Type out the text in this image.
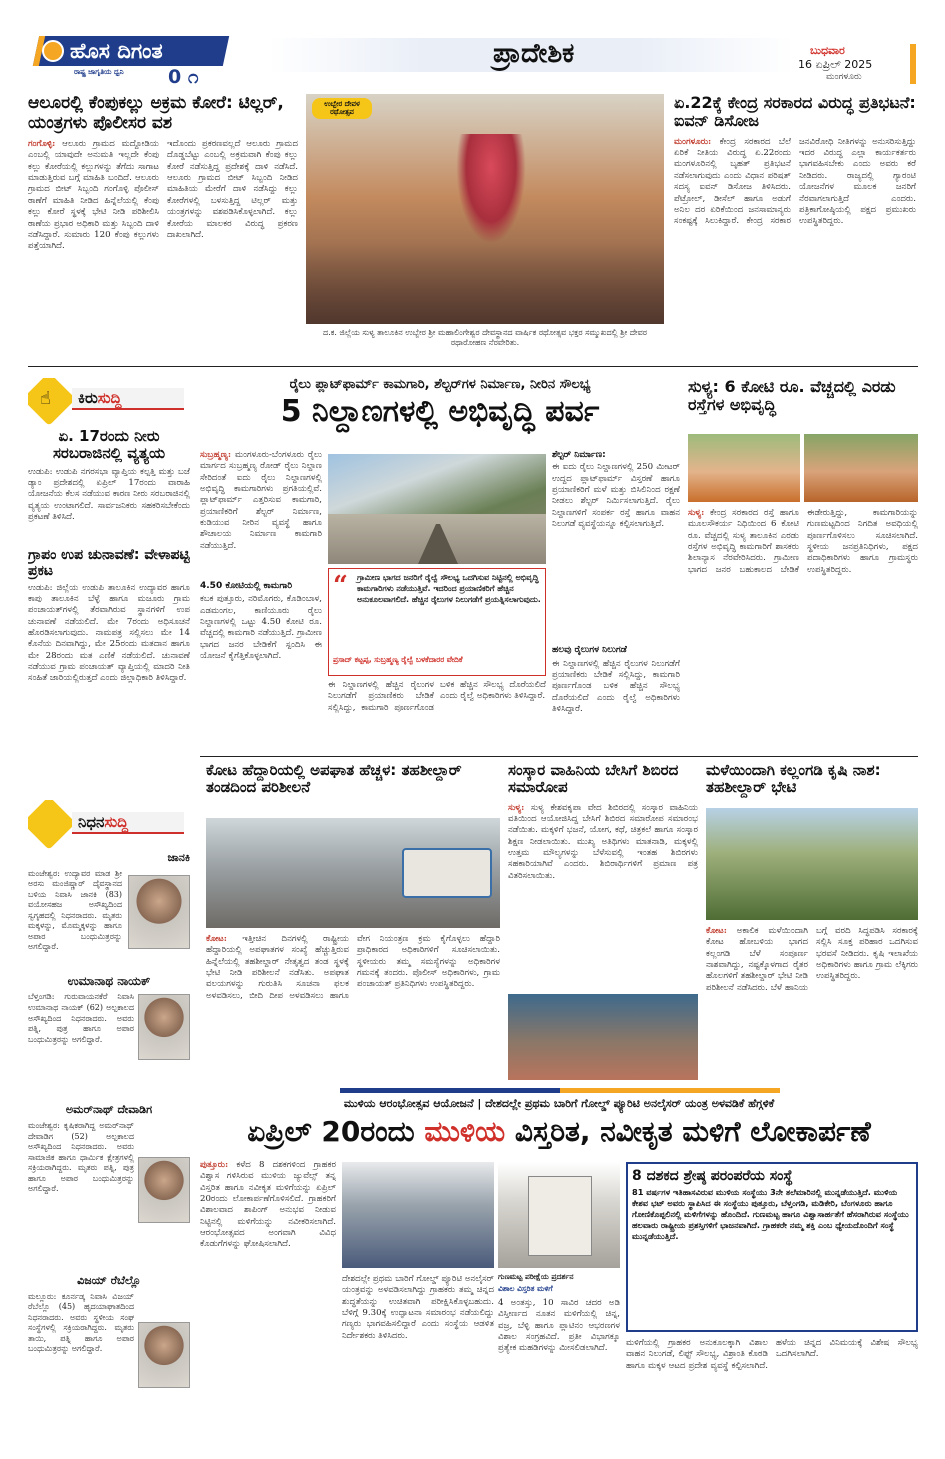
ಹೊಸ ದಿಗಂತ
ರಾಷ್ಟ್ರ ಜಾಗೃತಿಯ ಧ್ವನಿ 0 ೧
ಪ್ರಾದೇಶಿಕ	ಬುಧವಾರ
16 ಏಪ್ರಿಲ್ 2025
ಮಂಗಳೂರು
ಆಲೂರಲ್ಲಿ ಕೆಂಪುಕಲ್ಲು ಅಕ್ರಮ ಕೋರೆ: ಟಿಲ್ಲರ್, ಯಂತ್ರಗಳು ಪೊಲೀಸರ ವಶ

ಗಂಗೊಳ್ಳಿ: ಆಲೂರು ಗ್ರಾಮದ ಮದ್ದೋಡಿಯ ಎಂಬಲ್ಲಿ ಯಾವುದೇ ಅನುಮತಿ ಇಲ್ಲದೇ ಕೆಂಪು ಕಲ್ಲು ಕೋರೆಯಲ್ಲಿ ಕಲ್ಲುಗಳನ್ನು ತೆಗೆದು ಸಾಗಾಟ ಮಾಡುತ್ತಿರುವ ಬಗ್ಗೆ ಮಾಹಿತಿ ಬಂದಿದೆ. ಆಲೂರು ಗ್ರಾಮದ ಬೀಟ್ ಸಿಬ್ಬಂದಿ ಗಂಗೊಳ್ಳಿ ಪೊಲೀಸ್ ಠಾಣೆಗೆ ಮಾಹಿತಿ ನೀಡಿದ ಹಿನ್ನೆಲೆಯಲ್ಲಿ ಕೆಂಪು ಕಲ್ಲು ಕೋರೆ ಸ್ಥಳಕ್ಕೆ ಭೇಟಿ ನೀಡಿ ಪರಿಶೀಲಿಸಿ ಠಾಣೆಯ ಪ್ರಭಾರ ಅಧಿಕಾರಿ ಮತ್ತು ಸಿಬ್ಬಂದಿ ದಾಳಿ ನಡೆಸಿದ್ದಾರೆ. ಸುಮಾರು 120 ಕೆಂಪು ಕಲ್ಲುಗಳು ಪತ್ತೆಯಾಗಿದೆ.

ಇದೊಂದು ಪ್ರಕರಣವಲ್ಲದೆ ಆಲೂರು ಗ್ರಾಮದ ದೊಡ್ಡಬೆಟ್ಟು ಎಂಬಲ್ಲಿ ಅಕ್ರಮವಾಗಿ ಕೆಂಪು ಕಲ್ಲು ಕೋರೆ ನಡೆಸುತ್ತಿದ್ದ ಪ್ರದೇಶಕ್ಕೆ ದಾಳಿ ನಡೆಸಿದೆ. ಆಲೂರು ಗ್ರಾಮದ ಬೀಟ್ ಸಿಬ್ಬಂದಿ ನೀಡಿದ ಮಾಹಿತಿಯ ಮೇರೆಗೆ ದಾಳಿ ನಡೆಸಿದ್ದು ಕಲ್ಲು ಕೋರೆಗಳಲ್ಲಿ ಬಳಸುತ್ತಿದ್ದ ಟಿಲ್ಲರ್ ಮತ್ತು ಯಂತ್ರಗಳನ್ನು ವಶಪಡಿಸಿಕೊಳ್ಳಲಾಗಿದೆ. ಕಲ್ಲು ಕೋರೆಯ ಮಾಲಕರ ವಿರುದ್ಧ ಪ್ರಕರಣ ದಾಖಲಾಗಿದೆ.

ಉಬ್ಬೇರ ದೇವಳ ರಥೋತ್ಸವ

ದ.ಕ. ಜಿಲ್ಲೆಯ ಸುಳ್ಯ ತಾಲೂಕಿನ ಉಬ್ಬೇರ ಶ್ರೀ ಮಹಾಲಿಂಗೇಶ್ವರ ದೇವಸ್ಥಾನದ ವಾರ್ಷಿಕ ರಥೋತ್ಸವ ಭಕ್ತರ ಸಮ್ಮುಖದಲ್ಲಿ ಶ್ರೀ ದೇವರ ರಥಾರೋಹಣ ನೆರವೇರಿತು.

ಏ.22ಕ್ಕೆ ಕೇಂದ್ರ ಸರಕಾರದ ವಿರುದ್ಧ ಪ್ರತಿಭಟನೆ: ಐವನ್ ಡಿಸೋಜ

ಮಂಗಳೂರು: ಕೇಂದ್ರ ಸರಕಾರದ ಬೆಲೆ ಏರಿಕೆ ನೀತಿಯ ವಿರುದ್ಧ ಏ.22ರಂದು ಮಂಗಳೂರಿನಲ್ಲಿ ಬೃಹತ್ ಪ್ರತಿಭಟನೆ ನಡೆಸಲಾಗುವುದು ಎಂದು ವಿಧಾನ ಪರಿಷತ್ ಸದಸ್ಯ ಐವನ್ ಡಿಸೋಜ ತಿಳಿಸಿದರು. ಪೆಟ್ರೋಲ್, ಡೀಸೆಲ್ ಹಾಗೂ ಅಡುಗೆ ಅನಿಲ ದರ ಏರಿಕೆಯಿಂದ ಜನಸಾಮಾನ್ಯರು ಸಂಕಷ್ಟಕ್ಕೆ ಸಿಲುಕಿದ್ದಾರೆ. ಕೇಂದ್ರ ಸರಕಾರ ಜನವಿರೋಧಿ ನೀತಿಗಳನ್ನು ಅನುಸರಿಸುತ್ತಿದ್ದು ಇದರ ವಿರುದ್ಧ ಎಲ್ಲಾ ಕಾರ್ಯಕರ್ತರು ಭಾಗವಹಿಸಬೇಕು ಎಂದು ಅವರು ಕರೆ ನೀಡಿದರು. ರಾಜ್ಯದಲ್ಲಿ ಗ್ಯಾರಂಟಿ ಯೋಜನೆಗಳ ಮೂಲಕ ಜನರಿಗೆ ನೆರವಾಗಲಾಗುತ್ತಿದೆ ಎಂದರು. ಪತ್ರಿಕಾಗೋಷ್ಠಿಯಲ್ಲಿ ಪಕ್ಷದ ಪ್ರಮುಖರು ಉಪಸ್ಥಿತರಿದ್ದರು.

☝	ಕಿರುಸುದ್ದಿ
ಏ. 17ರಂದು ನೀರು ಸರಬರಾಜಿನಲ್ಲಿ ವ್ಯತ್ಯಯ

ಉಡುಪಿ: ಉಡುಪಿ ನಗರಸಭಾ ವ್ಯಾಪ್ತಿಯ ಕಲ್ಪತ್ತಿ ಮತ್ತು ಬಜೆ ಡ್ಯಾಂ ಪ್ರದೇಶದಲ್ಲಿ ಏಪ್ರಿಲ್ 17ರಂದು ವಾರಾಹಿ ಯೋಜನೆಯ ಕೆಲಸ ನಡೆಯುವ ಕಾರಣ ನೀರು ಸರಬರಾಜಿನಲ್ಲಿ ವ್ಯತ್ಯಯ ಉಂಟಾಗಲಿದೆ. ಸಾರ್ವಜನಿಕರು ಸಹಕರಿಸಬೇಕೆಂದು ಪ್ರಕಟಣೆ ತಿಳಿಸಿದೆ.

ಗ್ರಾಪಂ ಉಪ ಚುನಾವಣೆ: ವೇಳಾಪಟ್ಟಿ ಪ್ರಕಟ

ಉಡುಪಿ: ಜಿಲ್ಲೆಯ ಉಡುಪಿ ತಾಲೂಕಿನ ಉದ್ಯಾವರ ಹಾಗೂ ಕಾಪು ತಾಲೂಕಿನ ಬೆಳ್ಳೆ ಹಾಗೂ ಮಜೂರು ಗ್ರಾಮ ಪಂಚಾಯತ್‌ಗಳಲ್ಲಿ ತೆರವಾಗಿರುವ ಸ್ಥಾನಗಳಿಗೆ ಉಪ ಚುನಾವಣೆ ನಡೆಯಲಿದೆ. ಮೇ 7ರಂದು ಅಧಿಸೂಚನೆ ಹೊರಡಿಸಲಾಗುವುದು. ನಾಮಪತ್ರ ಸಲ್ಲಿಸಲು ಮೇ 14 ಕೊನೆಯ ದಿನವಾಗಿದ್ದು, ಮೇ 25ರಂದು ಮತದಾನ ಹಾಗೂ ಮೇ 28ರಂದು ಮತ ಎಣಿಕೆ ನಡೆಯಲಿದೆ. ಚುನಾವಣೆ ನಡೆಯುವ ಗ್ರಾಮ ಪಂಚಾಯತ್ ವ್ಯಾಪ್ತಿಯಲ್ಲಿ ಮಾದರಿ ನೀತಿ ಸಂಹಿತೆ ಜಾರಿಯಲ್ಲಿರುತ್ತದೆ ಎಂದು ಜಿಲ್ಲಾಧಿಕಾರಿ ತಿಳಿಸಿದ್ದಾರೆ.

ರೈಲು ಪ್ಲಾಟ್‌ಫಾರ್ಮ್ ಕಾಮಗಾರಿ, ಶೆಲ್ಟರ್‌ಗಳ ನಿರ್ಮಾಣ, ನೀರಿನ ಸೌಲಭ್ಯ
5 ನಿಲ್ದಾಣಗಳಲ್ಲಿ ಅಭಿವೃದ್ಧಿ ಪರ್ವ

ಸುಬ್ರಹ್ಮಣ್ಯ: ಮಂಗಳೂರು-ಬೆಂಗಳೂರು ರೈಲು ಮಾರ್ಗದ ಸುಬ್ರಹ್ಮಣ್ಯ ರೋಡ್ ರೈಲು ನಿಲ್ದಾಣ ಸೇರಿದಂತೆ ಐದು ರೈಲು ನಿಲ್ದಾಣಗಳಲ್ಲಿ ಅಭಿವೃದ್ಧಿ ಕಾಮಗಾರಿಗಳು ಪ್ರಗತಿಯಲ್ಲಿವೆ. ಪ್ಲಾಟ್‌ಫಾರ್ಮ್ ಎತ್ತರಿಸುವ ಕಾಮಗಾರಿ, ಪ್ರಯಾಣಿಕರಿಗೆ ಶೆಲ್ಟರ್ ನಿರ್ಮಾಣ, ಕುಡಿಯುವ ನೀರಿನ ವ್ಯವಸ್ಥೆ ಹಾಗೂ ಶೌಚಾಲಯ ನಿರ್ಮಾಣ ಕಾಮಗಾರಿ ನಡೆಯುತ್ತಿದೆ.

4.50 ಕೋಟಿಯಲ್ಲಿ ಕಾಮಗಾರಿ

ಕಬಕ ಪುತ್ತೂರು, ನರಿಮೊಗರು, ಕೊಡಿಂಬಾಳ, ಎಡಮಂಗಲ, ಕಾಣಿಯೂರು ರೈಲು ನಿಲ್ದಾಣಗಳಲ್ಲಿ ಒಟ್ಟು 4.50 ಕೋಟಿ ರೂ. ವೆಚ್ಚದಲ್ಲಿ ಕಾಮಗಾರಿ ನಡೆಯುತ್ತಿದೆ. ಗ್ರಾಮೀಣ ಭಾಗದ ಜನರ ಬೇಡಿಕೆಗೆ ಸ್ಪಂದಿಸಿ ಈ ಯೋಜನೆ ಕೈಗೆತ್ತಿಕೊಳ್ಳಲಾಗಿದೆ.

“	ಗ್ರಾಮೀಣ ಭಾಗದ ಜನರಿಗೆ ರೈಲ್ವೆ ಸೌಲಭ್ಯ ಒದಗಿಸುವ ನಿಟ್ಟಿನಲ್ಲಿ ಅಭಿವೃದ್ಧಿ ಕಾಮಗಾರಿಗಳು ನಡೆಯುತ್ತಿವೆ. ಇದರಿಂದ ಪ್ರಯಾಣಿಕರಿಗೆ ಹೆಚ್ಚಿನ ಅನುಕೂಲವಾಗಲಿದೆ. ಹೆಚ್ಚಿನ ರೈಲುಗಳ ನಿಲುಗಡೆಗೆ ಪ್ರಯತ್ನಿಸಲಾಗುವುದು.

ಪ್ರಸಾದ್ ಕಟ್ಟಪ್ಪ, ಸುಬ್ರಹ್ಮಣ್ಯ ರೈಲ್ವೆ ಬಳಕೆದಾರರ ವೇದಿಕೆ

ಈ ನಿಲ್ದಾಣಗಳಲ್ಲಿ ಹೆಚ್ಚಿನ ರೈಲುಗಳ ನಿಲುಗಡೆಗೆ ಪ್ರಯಾಣಿಕರು ಬೇಡಿಕೆ ಸಲ್ಲಿಸಿದ್ದು, ಕಾಮಗಾರಿ ಪೂರ್ಣಗೊಂಡ ಬಳಿಕ ಹೆಚ್ಚಿನ ಸೌಲಭ್ಯ ದೊರೆಯಲಿದೆ ಎಂದು ರೈಲ್ವೆ ಅಧಿಕಾರಿಗಳು ತಿಳಿಸಿದ್ದಾರೆ.

ಶೆಲ್ಟರ್ ನಿರ್ಮಾಣ:

ಈ ಐದು ರೈಲು ನಿಲ್ದಾಣಗಳಲ್ಲಿ 250 ಮೀಟರ್ ಉದ್ದದ ಪ್ಲಾಟ್‌ಫಾರ್ಮ್ ವಿಸ್ತರಣೆ ಹಾಗೂ ಪ್ರಯಾಣಿಕರಿಗೆ ಮಳೆ ಮತ್ತು ಬಿಸಿಲಿನಿಂದ ರಕ್ಷಣೆ ನೀಡಲು ಶೆಲ್ಟರ್ ನಿರ್ಮಿಸಲಾಗುತ್ತಿದೆ. ರೈಲು ನಿಲ್ದಾಣಗಳಿಗೆ ಸಂಪರ್ಕ ರಸ್ತೆ ಹಾಗೂ ವಾಹನ ನಿಲುಗಡೆ ವ್ಯವಸ್ಥೆಯನ್ನೂ ಕಲ್ಪಿಸಲಾಗುತ್ತಿದೆ.

ಹಲವು ರೈಲುಗಳ ನಿಲುಗಡೆ

ಈ ನಿಲ್ದಾಣಗಳಲ್ಲಿ ಹೆಚ್ಚಿನ ರೈಲುಗಳ ನಿಲುಗಡೆಗೆ ಪ್ರಯಾಣಿಕರು ಬೇಡಿಕೆ ಸಲ್ಲಿಸಿದ್ದು, ಕಾಮಗಾರಿ ಪೂರ್ಣಗೊಂಡ ಬಳಿಕ ಹೆಚ್ಚಿನ ಸೌಲಭ್ಯ ದೊರೆಯಲಿದೆ ಎಂದು ರೈಲ್ವೆ ಅಧಿಕಾರಿಗಳು ತಿಳಿಸಿದ್ದಾರೆ.

ಸುಳ್ಯ: 6 ಕೋಟಿ ರೂ. ವೆಚ್ಚದಲ್ಲಿ ಎರಡು ರಸ್ತೆಗಳ ಅಭಿವೃದ್ಧಿ

ಸುಳ್ಯ: ಕೇಂದ್ರ ಸರಕಾರದ ರಸ್ತೆ ಹಾಗೂ ಮೂಲಸೌಕರ್ಯ ನಿಧಿಯಿಂದ 6 ಕೋಟಿ ರೂ. ವೆಚ್ಚದಲ್ಲಿ ಸುಳ್ಯ ತಾಲೂಕಿನ ಎರಡು ರಸ್ತೆಗಳ ಅಭಿವೃದ್ಧಿ ಕಾಮಗಾರಿಗೆ ಶಾಸಕರು ಶಿಲಾನ್ಯಾಸ ನೆರವೇರಿಸಿದರು. ಗ್ರಾಮೀಣ ಭಾಗದ ಜನರ ಬಹುಕಾಲದ ಬೇಡಿಕೆ ಈಡೇರುತ್ತಿದ್ದು, ಕಾಮಗಾರಿಯನ್ನು ಗುಣಮಟ್ಟದಿಂದ ನಿಗದಿತ ಅವಧಿಯಲ್ಲಿ ಪೂರ್ಣಗೊಳಿಸಲು ಸೂಚಿಸಲಾಗಿದೆ. ಸ್ಥಳೀಯ ಜನಪ್ರತಿನಿಧಿಗಳು, ಪಕ್ಷದ ಪದಾಧಿಕಾರಿಗಳು ಹಾಗೂ ಗ್ರಾಮಸ್ಥರು ಉಪಸ್ಥಿತರಿದ್ದರು.

ನಿಧನಸುದ್ದಿ
ಜಾನಕಿ

ಮಂಜೇಶ್ವರ: ಉದ್ಯಾವರ ಮಾಡ ಶ್ರೀ ಅರಸು ಮಂಜಿಷ್ಣಾರ್ ದೈವಸ್ಥಾನದ ಬಳಿಯ ನಿವಾಸಿ ಜಾನಕಿ (83) ವಯೋಸಹಜ ಅಸೌಖ್ಯದಿಂದ ಸ್ವಗೃಹದಲ್ಲಿ ನಿಧನರಾದರು. ಮೃತರು ಮಕ್ಕಳನ್ನು, ಮೊಮ್ಮಕ್ಕಳನ್ನು ಹಾಗೂ ಅಪಾರ ಬಂಧುಮಿತ್ರರನ್ನು ಅಗಲಿದ್ದಾರೆ.

ಉಮಾನಾಥ ನಾಯಕ್

ಬೆಳ್ತಂಗಡಿ: ಗುರುವಾಯನಕೆರೆ ನಿವಾಸಿ ಉಮಾನಾಥ ನಾಯಕ್ (62) ಅಲ್ಪಕಾಲದ ಅಸೌಖ್ಯದಿಂದ ನಿಧನರಾದರು. ಅವರು ಪತ್ನಿ, ಪುತ್ರ ಹಾಗೂ ಅಪಾರ ಬಂಧುಮಿತ್ರರನ್ನು ಅಗಲಿದ್ದಾರೆ.

ಅಮರ್‌ನಾಥ್ ದೇವಾಡಿಗ

ಮಂಜೇಶ್ವರ: ಕೃಷಿಕರಾಗಿದ್ದ ಅಮರ್‌ನಾಥ್ ದೇವಾಡಿಗ (52) ಅಲ್ಪಕಾಲದ ಅಸೌಖ್ಯದಿಂದ ನಿಧನರಾದರು. ಅವರು ಸಾಮಾಜಿಕ ಹಾಗೂ ಧಾರ್ಮಿಕ ಕ್ಷೇತ್ರಗಳಲ್ಲಿ ಸಕ್ರಿಯರಾಗಿದ್ದರು. ಮೃತರು ಪತ್ನಿ, ಪುತ್ರ ಹಾಗೂ ಅಪಾರ ಬಂಧುಮಿತ್ರರನ್ನು ಅಗಲಿದ್ದಾರೆ.

ವಿಜಯ್ ರೆಬೆಲ್ಲೊ

ಮಲ್ಲೂರು: ಕೂರ್ನಡ್ಕ ನಿವಾಸಿ ವಿಜಯ್ ರೆಬೆಲ್ಲೊ (45) ಹೃದಯಾಘಾತದಿಂದ ನಿಧನರಾದರು. ಅವರು ಸ್ಥಳೀಯ ಸಂಘ ಸಂಸ್ಥೆಗಳಲ್ಲಿ ಸಕ್ರಿಯರಾಗಿದ್ದರು. ಮೃತರು ತಾಯಿ, ಪತ್ನಿ ಹಾಗೂ ಅಪಾರ ಬಂಧುಮಿತ್ರರನ್ನು ಅಗಲಿದ್ದಾರೆ.

ಕೋಟ ಹೆದ್ದಾರಿಯಲ್ಲಿ ಅಪಘಾತ ಹೆಚ್ಚಳ: ತಹಶೀಲ್ದಾರ್ ತಂಡದಿಂದ ಪರಿಶೀಲನೆ

ಕೋಟ: ಇತ್ತೀಚಿನ ದಿನಗಳಲ್ಲಿ ರಾಷ್ಟ್ರೀಯ ಹೆದ್ದಾರಿಯಲ್ಲಿ ಅಪಘಾತಗಳ ಸಂಖ್ಯೆ ಹೆಚ್ಚುತ್ತಿರುವ ಹಿನ್ನೆಲೆಯಲ್ಲಿ ತಹಶೀಲ್ದಾರ್ ನೇತೃತ್ವದ ತಂಡ ಸ್ಥಳಕ್ಕೆ ಭೇಟಿ ನೀಡಿ ಪರಿಶೀಲನೆ ನಡೆಸಿತು. ಅಪಘಾತ ವಲಯಗಳನ್ನು ಗುರುತಿಸಿ ಸೂಚನಾ ಫಲಕ ಅಳವಡಿಸಲು, ಬೀದಿ ದೀಪ ಅಳವಡಿಸಲು ಹಾಗೂ ವೇಗ ನಿಯಂತ್ರಣ ಕ್ರಮ ಕೈಗೊಳ್ಳಲು ಹೆದ್ದಾರಿ ಪ್ರಾಧಿಕಾರದ ಅಧಿಕಾರಿಗಳಿಗೆ ಸೂಚಿಸಲಾಯಿತು. ಸ್ಥಳೀಯರು ತಮ್ಮ ಸಮಸ್ಯೆಗಳನ್ನು ಅಧಿಕಾರಿಗಳ ಗಮನಕ್ಕೆ ತಂದರು. ಪೊಲೀಸ್ ಅಧಿಕಾರಿಗಳು, ಗ್ರಾಮ ಪಂಚಾಯತ್ ಪ್ರತಿನಿಧಿಗಳು ಉಪಸ್ಥಿತರಿದ್ದರು.

ಸಂಸ್ಕಾರ ವಾಹಿನಿಯ ಬೇಸಿಗೆ ಶಿಬಿರದ ಸಮಾರೋಪ

ಸುಳ್ಯ: ಸುಳ್ಯ ಕೇಶವಕೃಪಾ ವೇದ ಶಿಬಿರದಲ್ಲಿ ಸಂಸ್ಕಾರ ವಾಹಿನಿಯ ವತಿಯಿಂದ ಆಯೋಜಿಸಿದ್ದ ಬೇಸಿಗೆ ಶಿಬಿರದ ಸಮಾರೋಪ ಸಮಾರಂಭ ನಡೆಯಿತು. ಮಕ್ಕಳಿಗೆ ಭಜನೆ, ಯೋಗ, ಕಥೆ, ಚಿತ್ರಕಲೆ ಹಾಗೂ ಸಂಸ್ಕಾರ ಶಿಕ್ಷಣ ನೀಡಲಾಯಿತು. ಮುಖ್ಯ ಅತಿಥಿಗಳು ಮಾತನಾಡಿ, ಮಕ್ಕಳಲ್ಲಿ ಉತ್ತಮ ಮೌಲ್ಯಗಳನ್ನು ಬೆಳೆಸುವಲ್ಲಿ ಇಂತಹ ಶಿಬಿರಗಳು ಸಹಕಾರಿಯಾಗಿವೆ ಎಂದರು. ಶಿಬಿರಾರ್ಥಿಗಳಿಗೆ ಪ್ರಮಾಣ ಪತ್ರ ವಿತರಿಸಲಾಯಿತು.

ಮಳೆಯಿಂದಾಗಿ ಕಲ್ಲಂಗಡಿ ಕೃಷಿ ನಾಶ: ತಹಶೀಲ್ದಾರ್ ಭೇಟಿ

ಕೋಟ: ಅಕಾಲಿಕ ಮಳೆಯಿಂದಾಗಿ ಕೋಟ ಹೋಬಳಿಯ ಭಾಗದ ಕಲ್ಲಂಗಡಿ ಬೆಳೆ ಸಂಪೂರ್ಣ ನಾಶವಾಗಿದ್ದು, ನಷ್ಟಕ್ಕೊಳಗಾದ ರೈತರ ಹೊಲಗಳಿಗೆ ತಹಶೀಲ್ದಾರ್ ಭೇಟಿ ನೀಡಿ ಪರಿಶೀಲನೆ ನಡೆಸಿದರು. ಬೆಳೆ ಹಾನಿಯ ಬಗ್ಗೆ ವರದಿ ಸಿದ್ಧಪಡಿಸಿ ಸರಕಾರಕ್ಕೆ ಸಲ್ಲಿಸಿ ಸೂಕ್ತ ಪರಿಹಾರ ಒದಗಿಸುವ ಭರವಸೆ ನೀಡಿದರು. ಕೃಷಿ ಇಲಾಖೆಯ ಅಧಿಕಾರಿಗಳು ಹಾಗೂ ಗ್ರಾಮ ಲೆಕ್ಕಿಗರು ಉಪಸ್ಥಿತರಿದ್ದರು.

ಮುಳಿಯ ಆರಂಭೋತ್ಸವ ಆಯೋಜನೆ | ದೇಶದಲ್ಲೇ ಪ್ರಥಮ ಬಾರಿಗೆ ಗೋಲ್ಡ್ ಪ್ಯೂರಿಟಿ ಅನಲೈಸರ್ ಯಂತ್ರ ಅಳವಡಿಕೆ ಹೆಗ್ಗಳಿಕೆ
ಏಪ್ರಿಲ್ 20ರಂದು ಮುಳಿಯ ವಿಸ್ತರಿತ, ನವೀಕೃತ ಮಳಿಗೆ ಲೋಕಾರ್ಪಣೆ

ಪುತ್ತೂರು: ಕಳೆದ 8 ದಶಕಗಳಿಂದ ಗ್ರಾಹಕರ ವಿಶ್ವಾಸ ಗಳಿಸಿರುವ ಮುಳಿಯ ಜ್ಯುವೆಲ್ಸ್ ತನ್ನ ವಿಸ್ತರಿತ ಹಾಗೂ ನವೀಕೃತ ಮಳಿಗೆಯನ್ನು ಏಪ್ರಿಲ್ 20ರಂದು ಲೋಕಾರ್ಪಣೆಗೊಳಿಸಲಿದೆ. ಗ್ರಾಹಕರಿಗೆ ವಿಶಾಲವಾದ ಶಾಪಿಂಗ್ ಅನುಭವ ನೀಡುವ ನಿಟ್ಟಿನಲ್ಲಿ ಮಳಿಗೆಯನ್ನು ನವೀಕರಿಸಲಾಗಿದೆ. ಆರಂಭೋತ್ಸವದ ಅಂಗವಾಗಿ ವಿವಿಧ ಕೊಡುಗೆಗಳನ್ನು ಘೋಷಿಸಲಾಗಿದೆ.

ಗುಣಮಟ್ಟ ಪರೀಕ್ಷೆಯ ಪ್ರದರ್ಶನ
ವಿಶಾಲ ವಿಸ್ತರಿತ ಮಳಿಗೆ

ದೇಶದಲ್ಲೇ ಪ್ರಥಮ ಬಾರಿಗೆ ಗೋಲ್ಡ್ ಪ್ಯೂರಿಟಿ ಅನಲೈಸರ್ ಯಂತ್ರವನ್ನು ಅಳವಡಿಸಲಾಗಿದ್ದು ಗ್ರಾಹಕರು ತಮ್ಮ ಚಿನ್ನದ ಶುದ್ಧತೆಯನ್ನು ಉಚಿತವಾಗಿ ಪರೀಕ್ಷಿಸಿಕೊಳ್ಳಬಹುದು. ಬೆಳಿಗ್ಗೆ 9.30ಕ್ಕೆ ಉದ್ಘಾಟನಾ ಸಮಾರಂಭ ನಡೆಯಲಿದ್ದು ಗಣ್ಯರು ಭಾಗವಹಿಸಲಿದ್ದಾರೆ ಎಂದು ಸಂಸ್ಥೆಯ ಆಡಳಿತ ನಿರ್ದೇಶಕರು ತಿಳಿಸಿದರು.

4 ಅಂತಸ್ತು, 10 ಸಾವಿರ ಚದರ ಅಡಿ ವಿಸ್ತೀರ್ಣದ ನೂತನ ಮಳಿಗೆಯಲ್ಲಿ ಚಿನ್ನ, ವಜ್ರ, ಬೆಳ್ಳಿ ಹಾಗೂ ಪ್ಲಾಟಿನಂ ಆಭರಣಗಳ ವಿಶಾಲ ಸಂಗ್ರಹವಿದೆ. ಪ್ರತೀ ವಿಭಾಗಕ್ಕೂ ಪ್ರತ್ಯೇಕ ಮಹಡಿಗಳನ್ನು ಮೀಸಲಿಡಲಾಗಿದೆ.

8 ದಶಕದ ಶ್ರೇಷ್ಠ ಪರಂಪರೆಯ ಸಂಸ್ಥೆ

81 ವರ್ಷಗಳ ಇತಿಹಾಸವಿರುವ ಮುಳಿಯ ಸಂಸ್ಥೆಯು 3ನೇ ತಲೆಮಾರಿನಲ್ಲಿ ಮುನ್ನಡೆಯುತ್ತಿದೆ. ಮುಳಿಯ ಕೇಶವ ಭಟ್ ಅವರು ಸ್ಥಾಪಿಸಿದ ಈ ಸಂಸ್ಥೆಯು ಪುತ್ತೂರು, ಬೆಳ್ತಂಗಡಿ, ಮಡಿಕೇರಿ, ಬೆಂಗಳೂರು ಹಾಗೂ ಗೋಣಿಕೊಪ್ಪಲಿನಲ್ಲಿ ಮಳಿಗೆಗಳನ್ನು ಹೊಂದಿದೆ. ಗುಣಮಟ್ಟ ಹಾಗೂ ವಿಶ್ವಾಸಾರ್ಹತೆಗೆ ಹೆಸರಾಗಿರುವ ಸಂಸ್ಥೆಯು ಹಲವಾರು ರಾಷ್ಟ್ರೀಯ ಪ್ರಶಸ್ತಿಗಳಿಗೆ ಭಾಜನವಾಗಿದೆ. ಗ್ರಾಹಕರೇ ನಮ್ಮ ಶಕ್ತಿ ಎಂಬ ಧ್ಯೇಯದೊಂದಿಗೆ ಸಂಸ್ಥೆ ಮುನ್ನಡೆಯುತ್ತಿದೆ.

ಮಳಿಗೆಯಲ್ಲಿ ಗ್ರಾಹಕರ ಅನುಕೂಲಕ್ಕಾಗಿ ವಿಶಾಲ ವಾಹನ ನಿಲುಗಡೆ, ಲಿಫ್ಟ್ ಸೌಲಭ್ಯ, ವಿಶ್ರಾಂತಿ ಕೊಠಡಿ ಹಾಗೂ ಮಕ್ಕಳ ಆಟದ ಪ್ರದೇಶ ವ್ಯವಸ್ಥೆ ಕಲ್ಪಿಸಲಾಗಿದೆ. ಹಳೆಯ ಚಿನ್ನದ ವಿನಿಮಯಕ್ಕೆ ವಿಶೇಷ ಸೌಲಭ್ಯ ಒದಗಿಸಲಾಗಿದೆ.
